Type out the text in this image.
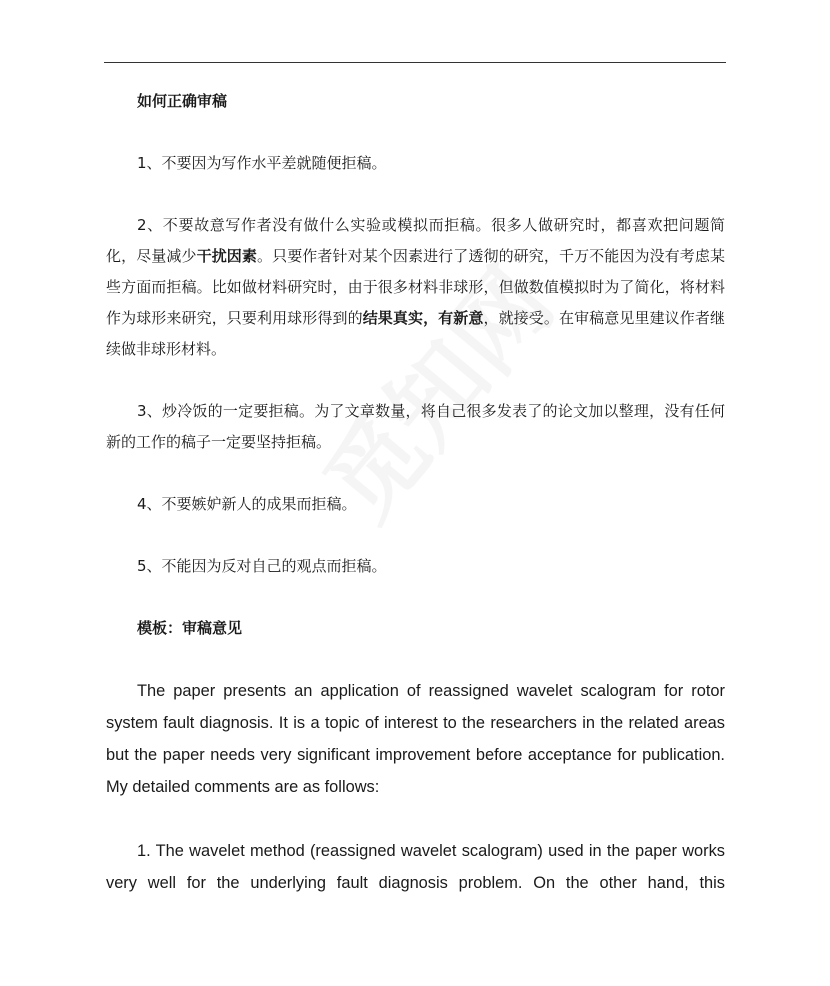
如何正确审稿

1、不要因为写作水平差就随便拒稿。

2、不要故意写作者没有做什么实验或模拟而拒稿。很多人做研究时，都喜欢把问题简化，尽量减少干扰因素。只要作者针对某个因素进行了透彻的研究，千万不能因为没有考虑某些方面而拒稿。比如做材料研究时，由于很多材料非球形，但做数值模拟时为了简化，将材料作为球形来研究，只要利用球形得到的结果真实，有新意，就接受。在审稿意见里建议作者继续做非球形材料。

3、炒冷饭的一定要拒稿。为了文章数量，将自己很多发表了的论文加以整理，没有任何新的工作的稿子一定要坚持拒稿。

4、不要嫉妒新人的成果而拒稿。

5、不能因为反对自己的观点而拒稿。

模板：审稿意见

The paper presents an application of reassigned wavelet scalogram for rotor system fault diagnosis. It is a topic of interest to the researchers in the related areas but the paper needs very significant improvement before acceptance for publication. My detailed comments are as follows:

1. The wavelet method (reassigned wavelet scalogram) used in the paper works very well for the underlying fault diagnosis problem. On the other hand, this
